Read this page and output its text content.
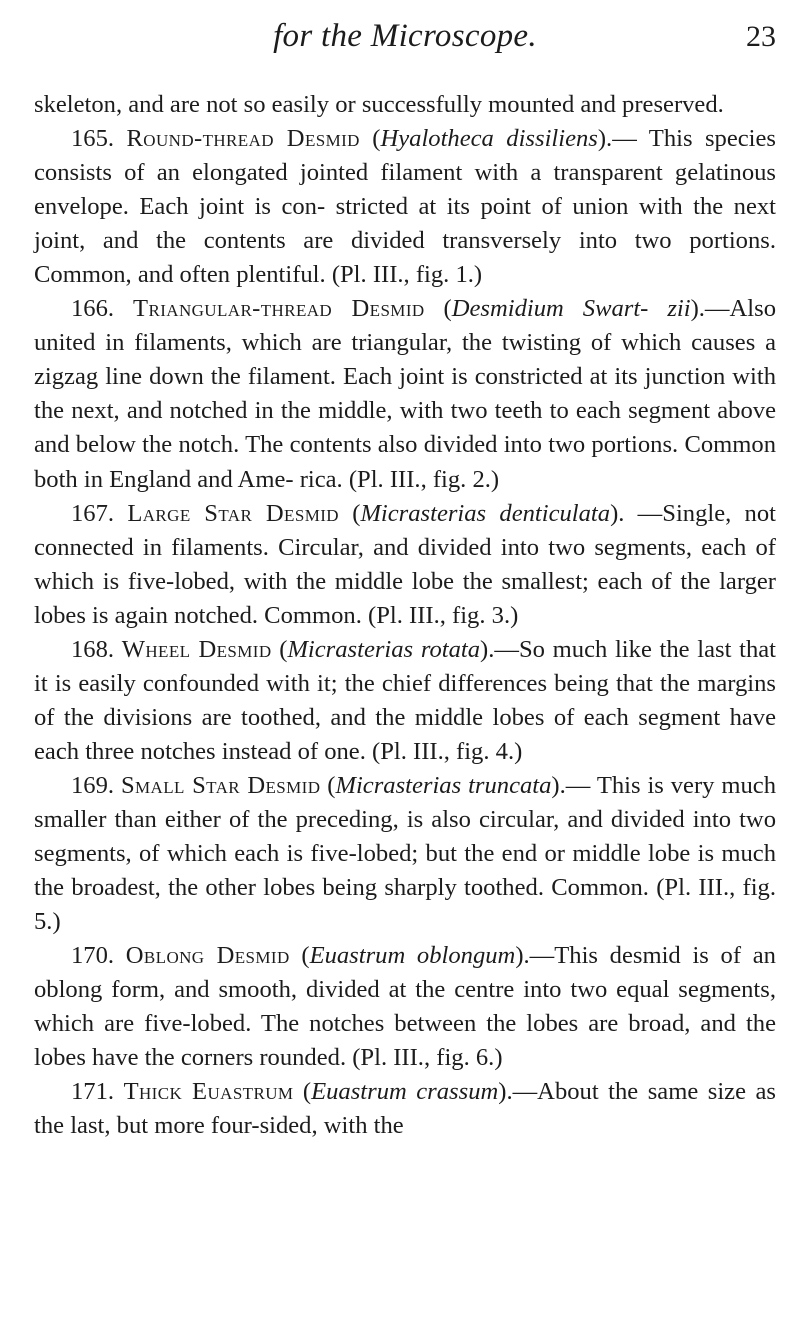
for the Microscope.	23

skeleton, and are not so easily or successfully mounted and preserved.

165. Round-thread Desmid (Hyalotheca dissiliens).— This species consists of an elongated jointed filament with a transparent gelatinous envelope. Each joint is con- stricted at its point of union with the next joint, and the contents are divided transversely into two portions. Common, and often plentiful. (Pl. III., fig. 1.)

166. Triangular-thread Desmid (Desmidium Swart- zii).—Also united in filaments, which are triangular, the twisting of which causes a zigzag line down the filament. Each joint is constricted at its junction with the next, and notched in the middle, with two teeth to each segment above and below the notch. The contents also divided into two portions. Common both in England and Ame- rica. (Pl. III., fig. 2.)

167. Large Star Desmid (Micrasterias denticulata). —Single, not connected in filaments. Circular, and divided into two segments, each of which is five-lobed, with the middle lobe the smallest; each of the larger lobes is again notched. Common. (Pl. III., fig. 3.)

168. Wheel Desmid (Micrasterias rotata).—So much like the last that it is easily confounded with it; the chief differences being that the margins of the divisions are toothed, and the middle lobes of each segment have each three notches instead of one. (Pl. III., fig. 4.)

169. Small Star Desmid (Micrasterias truncata).— This is very much smaller than either of the preceding, is also circular, and divided into two segments, of which each is five-lobed; but the end or middle lobe is much the broadest, the other lobes being sharply toothed. Common. (Pl. III., fig. 5.)

170. Oblong Desmid (Euastrum oblongum).—This desmid is of an oblong form, and smooth, divided at the centre into two equal segments, which are five-lobed. The notches between the lobes are broad, and the lobes have the corners rounded. (Pl. III., fig. 6.)

171. Thick Euastrum (Euastrum crassum).—About the same size as the last, but more four-sided, with the
